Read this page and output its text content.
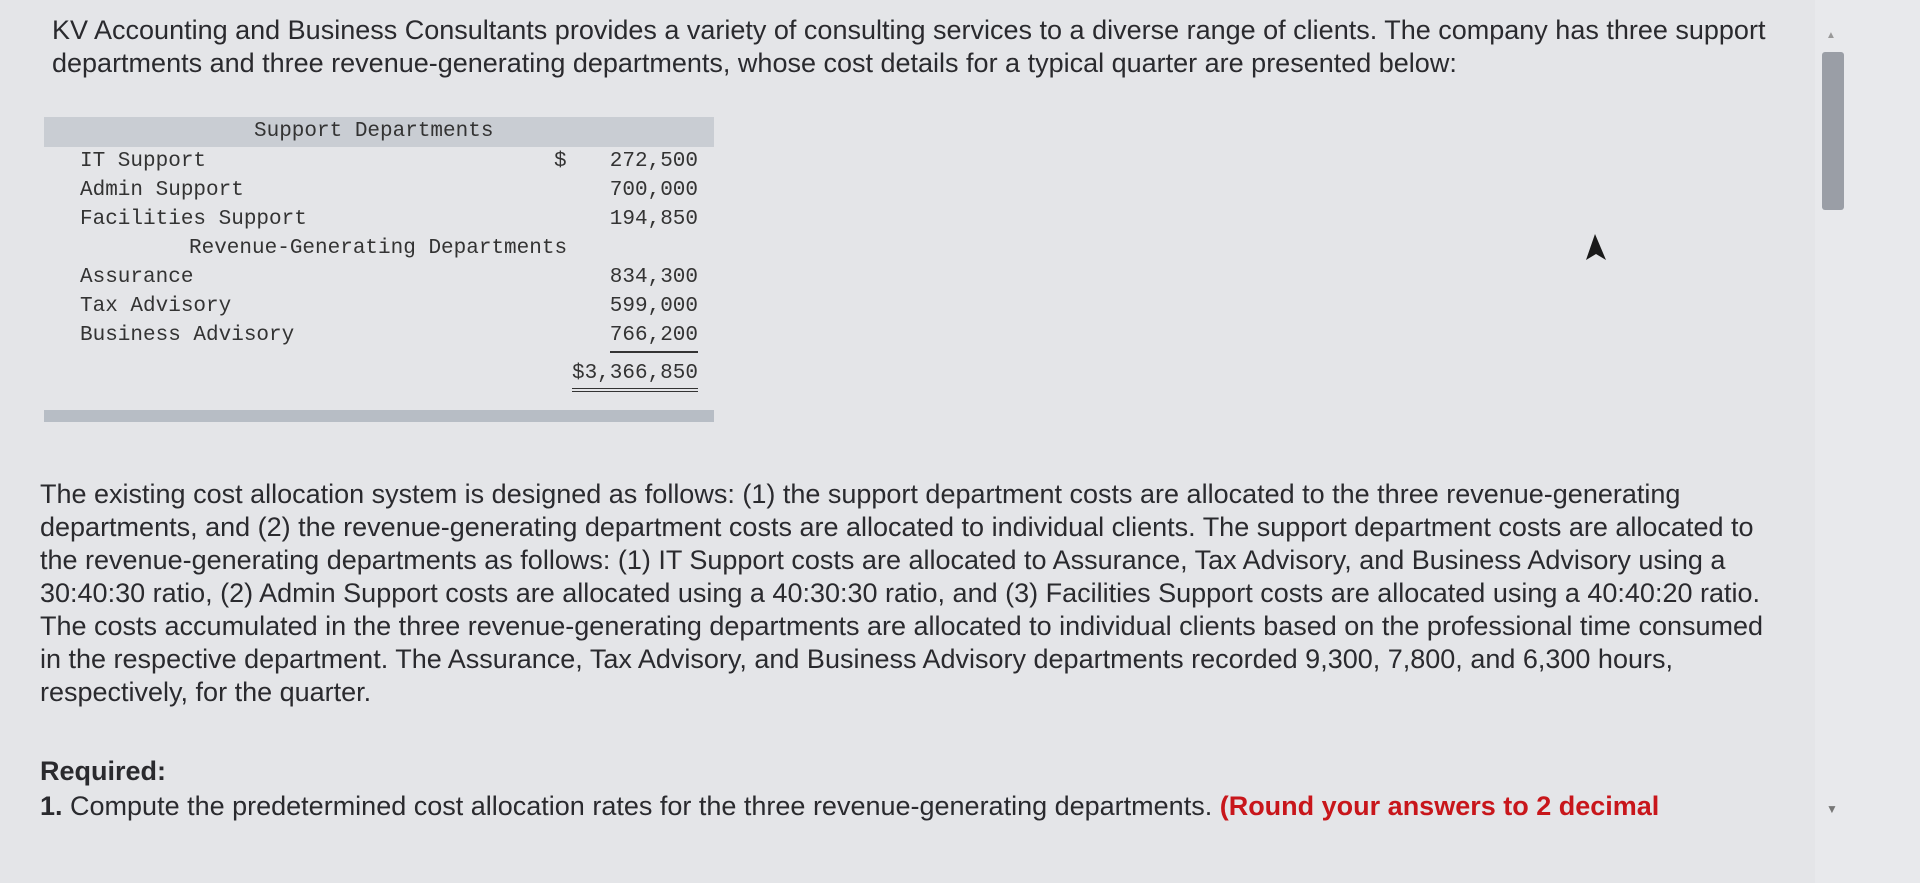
KV Accounting and Business Consultants provides a variety of consulting services to a diverse range of clients. The company has three support departments and three revenue-generating departments, whose cost details for a typical quarter are presented below:

Support Departments
IT Support	$ 272,500
Admin Support	700,000
Facilities Support	194,850
Revenue-Generating Departments
Assurance	834,300
Tax Advisory	599,000
Business Advisory	766,200
$3,366,850

The existing cost allocation system is designed as follows: (1) the support department costs are allocated to the three revenue-generating departments, and (2) the revenue-generating department costs are allocated to individual clients. The support department costs are allocated to the revenue-generating departments as follows: (1) IT Support costs are allocated to Assurance, Tax Advisory, and Business Advisory using a 30:40:30 ratio, (2) Admin Support costs are allocated using a 40:30:30 ratio, and (3) Facilities Support costs are allocated using a 40:40:20 ratio. The costs accumulated in the three revenue-generating departments are allocated to individual clients based on the professional time consumed in the respective department. The Assurance, Tax Advisory, and Business Advisory departments recorded 9,300, 7,800, and 6,300 hours, respectively, for the quarter.

Required:
1. Compute the predetermined cost allocation rates for the three revenue-generating departments. (Round your answers to 2 decimal
▲
▼
